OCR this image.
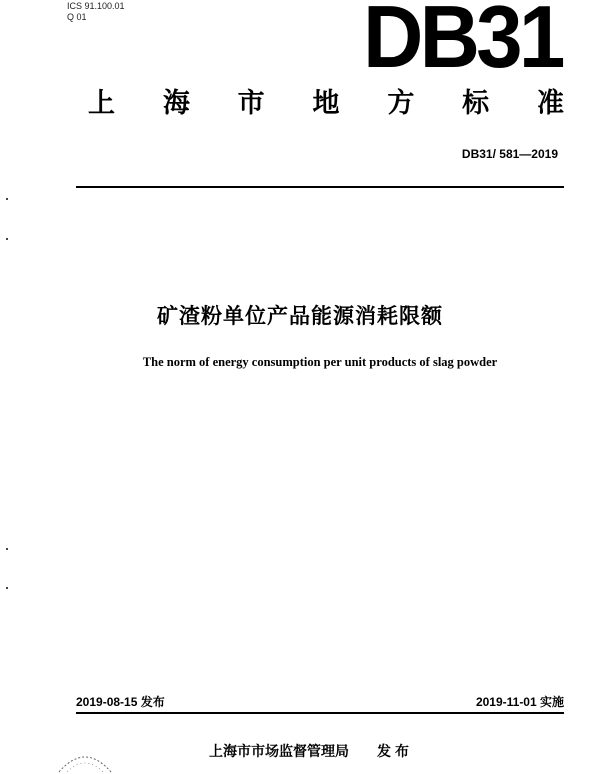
ICS 91.100.01
Q 01	DB31
上 海 市 地 方 标 准
DB31/ 581—2019
矿渣粉单位产品能源消耗限额
The norm of energy consumption per unit products of slag powder
2019-08-15 发布	2019-11-01 实施
上海市市场监督管理局 发布
